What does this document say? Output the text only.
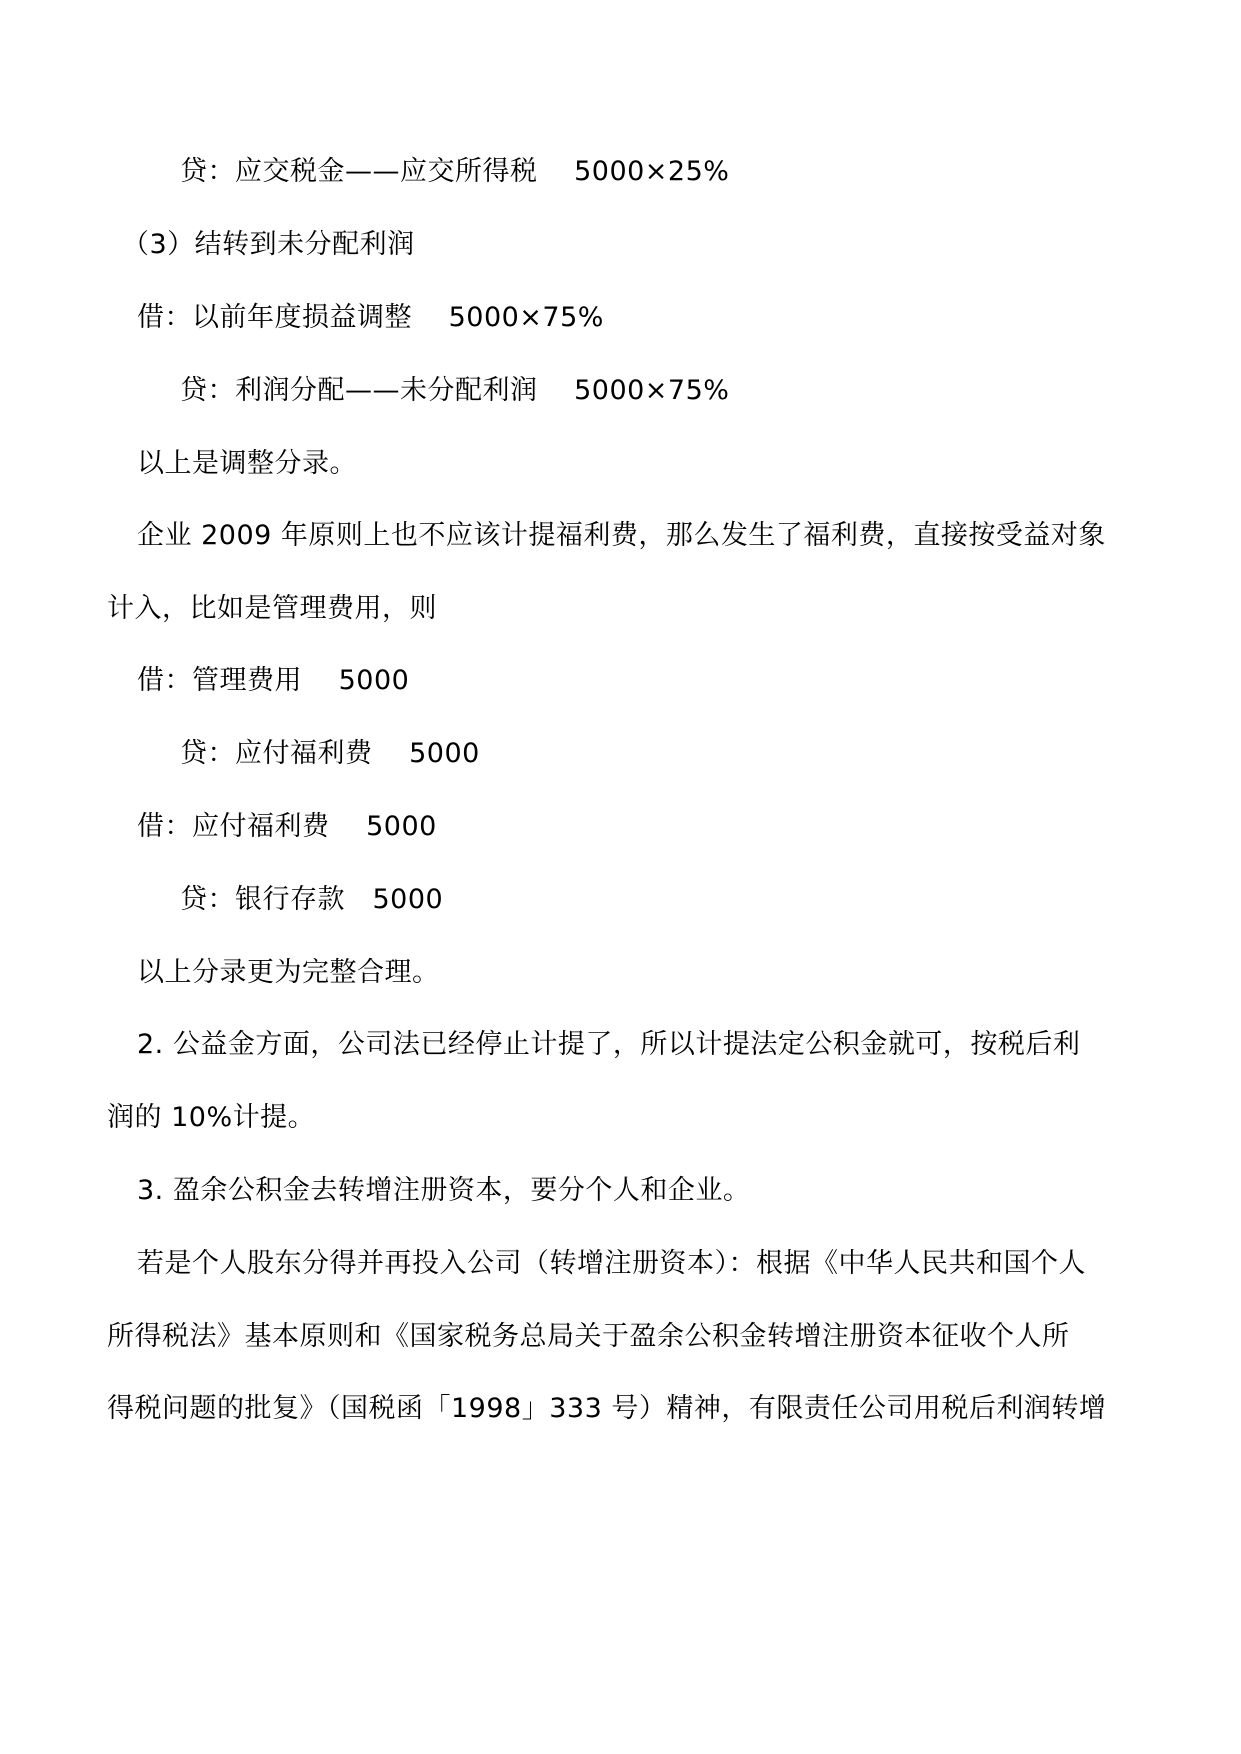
贷：应交税金——应交所得税　 5000×25%
（3）结转到未分配利润
借：以前年度损益调整　 5000×75%
贷：利润分配——未分配利润　 5000×75%
以上是调整分录。
企业 2009 年原则上也不应该计提福利费，那么发生了福利费，直接按受益对象
计入，比如是管理费用，则
借：管理费用　 5000
贷：应付福利费　 5000
借：应付福利费　 5000
贷：银行存款　5000
以上分录更为完整合理。
2. 公益金方面，公司法已经停止计提了，所以计提法定公积金就可，按税后利
润的 10%计提。
3. 盈余公积金去转增注册资本，要分个人和企业。
若是个人股东分得并再投入公司（转增注册资本）：根据《中华人民共和国个人
所得税法》基本原则和《国家税务总局关于盈余公积金转增注册资本征收个人所
得税问题的批复》（国税函「1998」333 号）精神，有限责任公司用税后利润转增
